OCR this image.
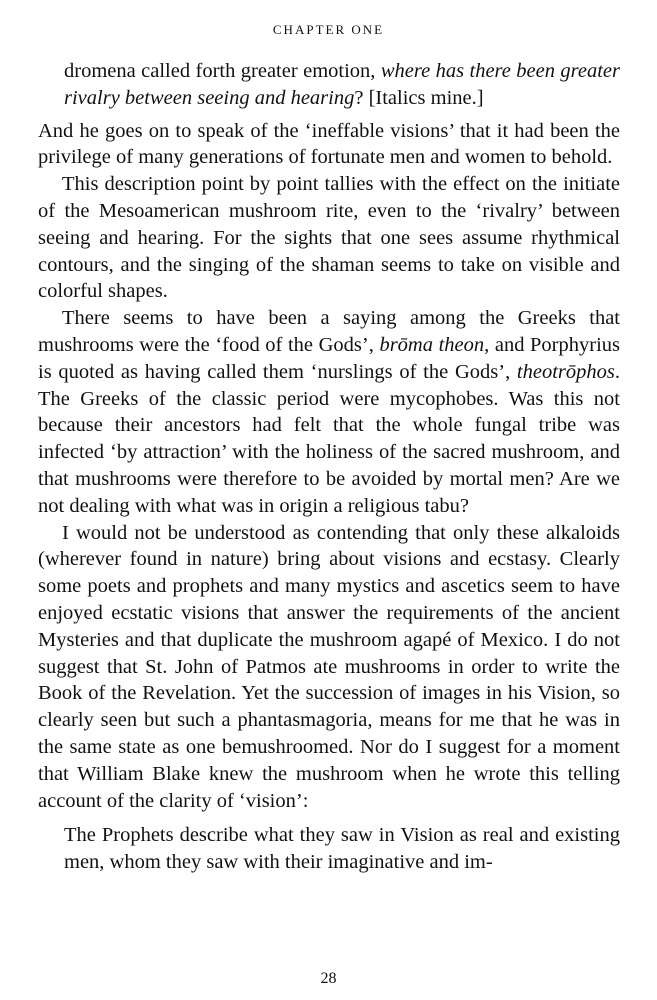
CHAPTER ONE

dromena called forth greater emotion, where has there been greater rivalry between seeing and hearing? [Italics mine.]

And he goes on to speak of the ‘ineffable visions’ that it had been the privilege of many generations of fortunate men and women to behold.

This description point by point tallies with the effect on the initiate of the Mesoamerican mushroom rite, even to the ‘rivalry’ between seeing and hearing. For the sights that one sees assume rhythmical contours, and the singing of the shaman seems to take on visible and colorful shapes.

There seems to have been a saying among the Greeks that mushrooms were the ‘food of the Gods’, brōma theon, and Porphyrius is quoted as having called them ‘nurslings of the Gods’, theotrōphos. The Greeks of the classic period were mycophobes. Was this not because their ancestors had felt that the whole fungal tribe was infected ‘by attraction’ with the holiness of the sacred mushroom, and that mushrooms were therefore to be avoided by mortal men? Are we not dealing with what was in origin a religious tabu?

I would not be understood as contending that only these alkaloids (wherever found in nature) bring about visions and ecstasy. Clearly some poets and prophets and many mystics and ascetics seem to have enjoyed ecstatic visions that answer the requirements of the ancient Mysteries and that duplicate the mushroom agapé of Mexico. I do not suggest that St. John of Patmos ate mushrooms in order to write the Book of the Revelation. Yet the succession of images in his Vision, so clearly seen but such a phantasmagoria, means for me that he was in the same state as one bemushroomed. Nor do I suggest for a moment that William Blake knew the mushroom when he wrote this telling account of the clarity of ‘vision’:

The Prophets describe what they saw in Vision as real and existing men, whom they saw with their imaginative and im-

28
